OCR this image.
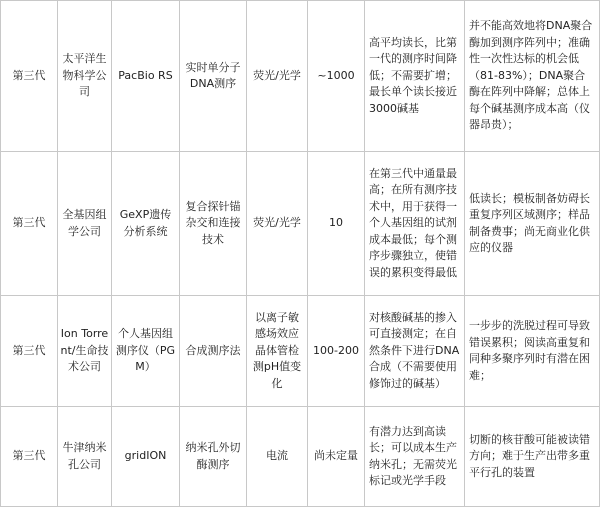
第三代
太平洋生物科学公司
PacBio RS
实时单分子DNA测序
荧光/光学 ~1000
高平均读长，比第一代的测序时间降低；不需要扩增；最长单个读长接近3000碱基
并不能高效地将DNA聚合酶加到测序阵列中；准确性一次性达标的机会低（81-83%）；DNA聚合酶在阵列中降解；总体上每个碱基测序成本高（仪器昂贵）；
第三代
全基因组学公司
GeXP遗传分析系统
复合探针锚杂交和连接技术
荧光/光学	10
在第三代中通量最高；在所有测序技术中，用于获得一个人基因组的试剂成本最低；每个测序步骤独立，使错误的累积变得最低
低读长；模板制备妨碍长重复序列区域测序；样品制备费事；尚无商业化供应的仪器
第三代
Ion Torrent/生命技术公司
个人基因组测序仪（PGM）
合成测序法
以离子敏感场效应晶体管检测pH值变化
100-200
对核酸碱基的掺入可直接测定；在自然条件下进行DNA合成（不需要使用修饰过的碱基）
一步步的洗脱过程可导致错误累积；阅读高重复和同种多聚序列时有潜在困难；
第三代
牛津纳米孔公司
gridION
纳米孔外切酶测序
电流 尚未定量
有潜力达到高读长；可以成本生产纳米孔；无需荧光标记或光学手段
切断的核苷酸可能被读错方向；难于生产出带多重平行孔的装置
